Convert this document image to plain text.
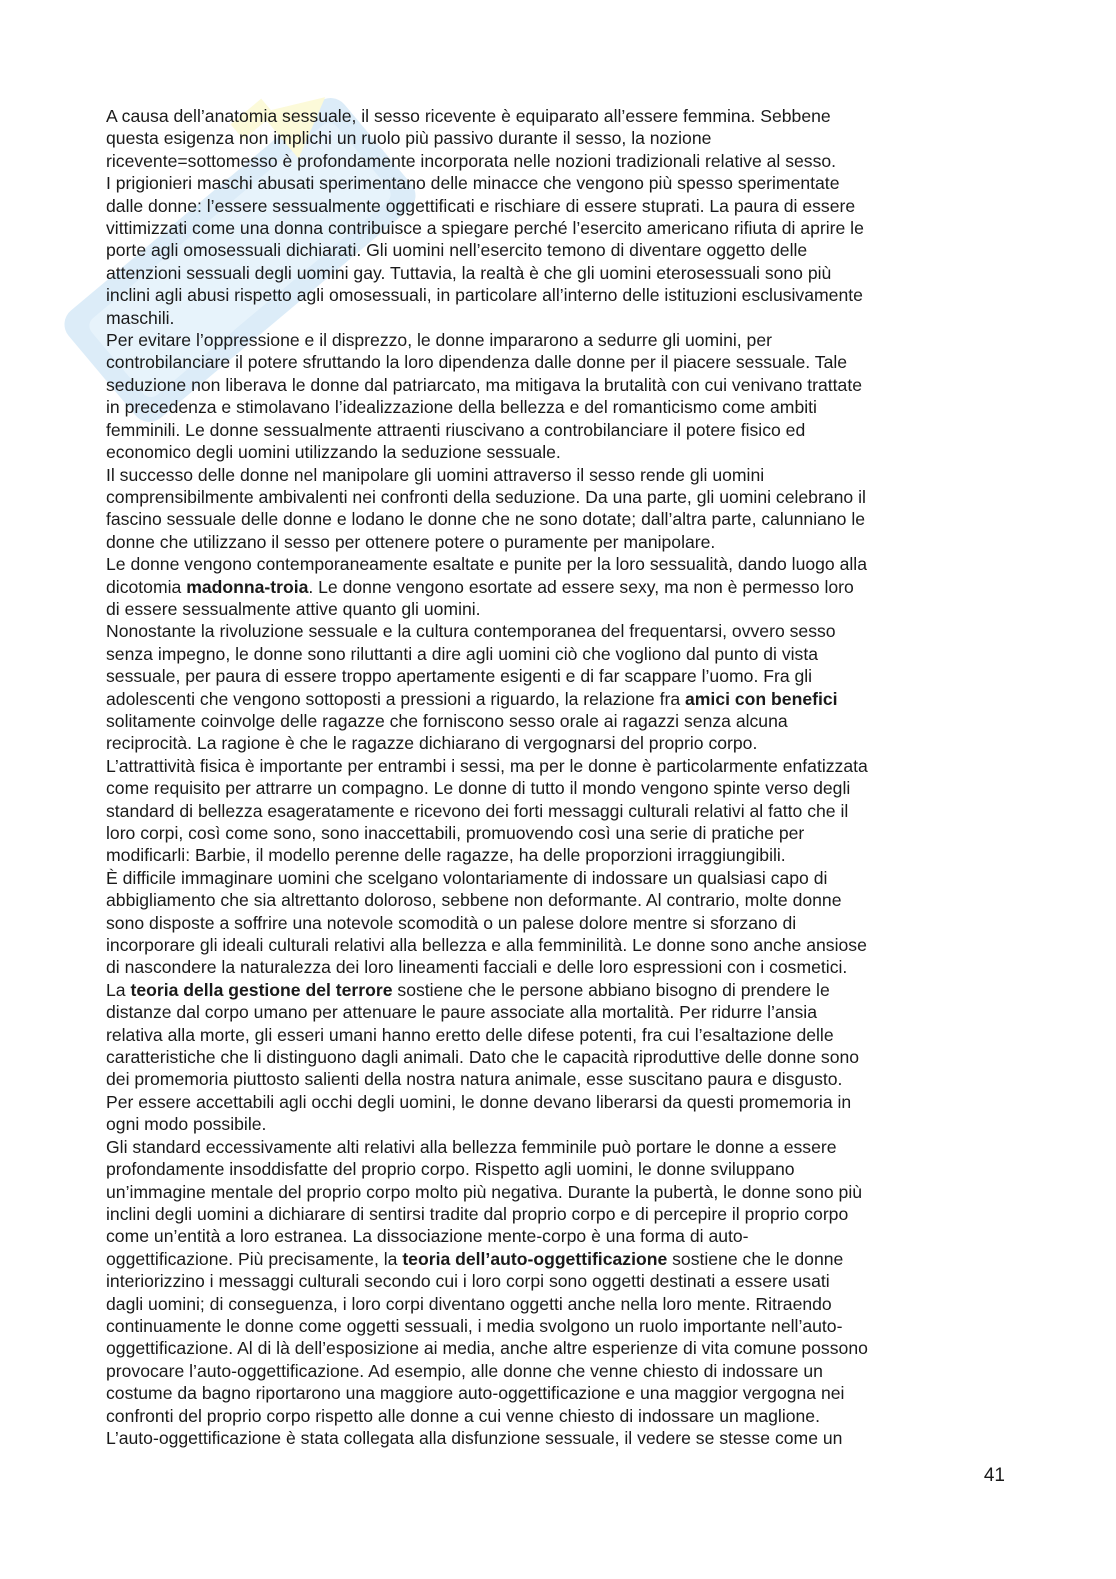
A causa dell’anatomia sessuale, il sesso ricevente è equiparato all’essere femmina. Sebbene
questa esigenza non implichi un ruolo più passivo durante il sesso, la nozione
ricevente=sottomesso è profondamente incorporata nelle nozioni tradizionali relative al sesso.

I prigionieri maschi abusati sperimentano delle minacce che vengono più spesso sperimentate
dalle donne: l’essere sessualmente oggettificati e rischiare di essere stuprati. La paura di essere
vittimizzati come una donna contribuisce a spiegare perché l’esercito americano rifiuta di aprire le
porte agli omosessuali dichiarati. Gli uomini nell’esercito temono di diventare oggetto delle
attenzioni sessuali degli uomini gay. Tuttavia, la realtà è che gli uomini eterosessuali sono più
inclini agli abusi rispetto agli omosessuali, in particolare all’interno delle istituzioni esclusivamente
maschili.

Per evitare l’oppressione e il disprezzo, le donne impararono a sedurre gli uomini, per
controbilanciare il potere sfruttando la loro dipendenza dalle donne per il piacere sessuale. Tale
seduzione non liberava le donne dal patriarcato, ma mitigava la brutalità con cui venivano trattate
in precedenza e stimolavano l’idealizzazione della bellezza e del romanticismo come ambiti
femminili. Le donne sessualmente attraenti riuscivano a controbilanciare il potere fisico ed
economico degli uomini utilizzando la seduzione sessuale.

Il successo delle donne nel manipolare gli uomini attraverso il sesso rende gli uomini
comprensibilmente ambivalenti nei confronti della seduzione. Da una parte, gli uomini celebrano il
fascino sessuale delle donne e lodano le donne che ne sono dotate; dall’altra parte, calunniano le
donne che utilizzano il sesso per ottenere potere o puramente per manipolare.

Le donne vengono contemporaneamente esaltate e punite per la loro sessualità, dando luogo alla
dicotomia madonna-troia. Le donne vengono esortate ad essere sexy, ma non è permesso loro
di essere sessualmente attive quanto gli uomini.

Nonostante la rivoluzione sessuale e la cultura contemporanea del frequentarsi, ovvero sesso
senza impegno, le donne sono riluttanti a dire agli uomini ciò che vogliono dal punto di vista
sessuale, per paura di essere troppo apertamente esigenti e di far scappare l’uomo. Fra gli
adolescenti che vengono sottoposti a pressioni a riguardo, la relazione fra amici con benefici
solitamente coinvolge delle ragazze che forniscono sesso orale ai ragazzi senza alcuna
reciprocità. La ragione è che le ragazze dichiarano di vergognarsi del proprio corpo.

L’attrattività fisica è importante per entrambi i sessi, ma per le donne è particolarmente enfatizzata
come requisito per attrarre un compagno. Le donne di tutto il mondo vengono spinte verso degli
standard di bellezza esageratamente e ricevono dei forti messaggi culturali relativi al fatto che il
loro corpi, così come sono, sono inaccettabili, promuovendo così una serie di pratiche per
modificarli: Barbie, il modello perenne delle ragazze, ha delle proporzioni irraggiungibili.

È difficile immaginare uomini che scelgano volontariamente di indossare un qualsiasi capo di
abbigliamento che sia altrettanto doloroso, sebbene non deformante. Al contrario, molte donne
sono disposte a soffrire una notevole scomodità o un palese dolore mentre si sforzano di
incorporare gli ideali culturali relativi alla bellezza e alla femminilità. Le donne sono anche ansiose
di nascondere la naturalezza dei loro lineamenti facciali e delle loro espressioni con i cosmetici.

La teoria della gestione del terrore sostiene che le persone abbiano bisogno di prendere le
distanze dal corpo umano per attenuare le paure associate alla mortalità. Per ridurre l’ansia
relativa alla morte, gli esseri umani hanno eretto delle difese potenti, fra cui l’esaltazione delle
caratteristiche che li distinguono dagli animali. Dato che le capacità riproduttive delle donne sono
dei promemoria piuttosto salienti della nostra natura animale, esse suscitano paura e disgusto.
Per essere accettabili agli occhi degli uomini, le donne devano liberarsi da questi promemoria in
ogni modo possibile.

Gli standard eccessivamente alti relativi alla bellezza femminile può portare le donne a essere
profondamente insoddisfatte del proprio corpo. Rispetto agli uomini, le donne sviluppano
un’immagine mentale del proprio corpo molto più negativa. Durante la pubertà, le donne sono più
inclini degli uomini a dichiarare di sentirsi tradite dal proprio corpo e di percepire il proprio corpo
come un’entità a loro estranea. La dissociazione mente-corpo è una forma di auto-
oggettificazione. Più precisamente, la teoria dell’auto-oggettificazione sostiene che le donne
interiorizzino i messaggi culturali secondo cui i loro corpi sono oggetti destinati a essere usati
dagli uomini; di conseguenza, i loro corpi diventano oggetti anche nella loro mente. Ritraendo
continuamente le donne come oggetti sessuali, i media svolgono un ruolo importante nell’auto-
oggettificazione. Al di là dell’esposizione ai media, anche altre esperienze di vita comune possono
provocare l’auto-oggettificazione. Ad esempio, alle donne che venne chiesto di indossare un
costume da bagno riportarono una maggiore auto-oggettificazione e una maggior vergogna nei
confronti del proprio corpo rispetto alle donne a cui venne chiesto di indossare un maglione.

L’auto-oggettificazione è stata collegata alla disfunzione sessuale, il vedere se stesse come un

41
